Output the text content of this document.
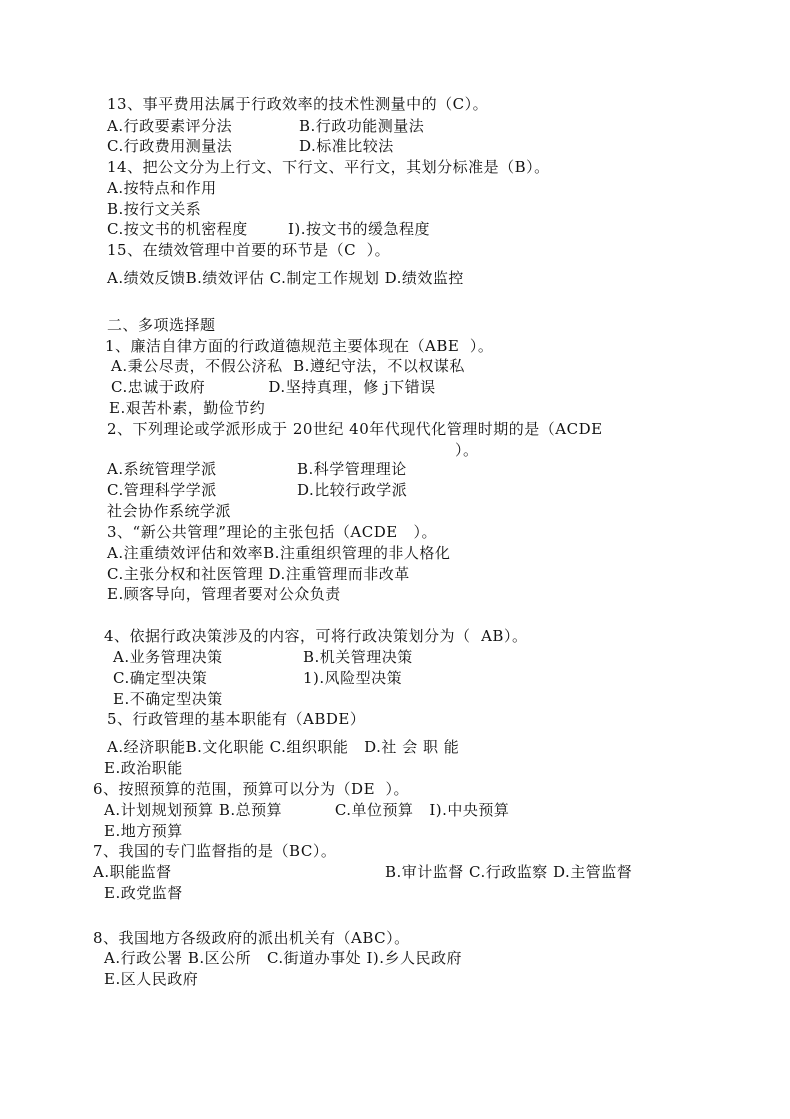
13、事平费用法属于行政效率的技术性测量中的（C）。
A.行政要素评分法	B.行政功能测量法
C.行政费用测量法	D.标准比较法
14、把公文分为上行文、下行文、平行文，其划分标准是（B）。
A.按特点和作用
B.按行文关系
C.按文书的机密程度	I).按文书的缓急程度
15、在绩效管理中首要的环节是（C  ）。
A.绩效反馈B.绩效评估 C.制定工作规划 D.绩效监控
二、多项选择题
1、廉洁自律方面的行政道德规范主要体现在（ABE  ）。
A.秉公尽责，不假公济私  B.遵纪守法，不以权谋私
C.忠诚于政府            D.坚持真理，修 j下错误
E.艰苦朴素，勤俭节约
2、下列理论或学派形成于 20世纪 40年代现代化管理时期的是（ACDE
）。
A.系统管理学派	B.科学管理理论
C.管理科学学派	D.比较行政学派
社会协作系统学派
3、“新公共管理”理论的主张包括（ACDE   ）。
A.注重绩效评估和效率B.注重组织管理的非人格化
C.主张分权和社医管理 D.注重管理而非改革
E.顾客导向，管理者要对公众负责
4、依据行政决策涉及的内容，可将行政决策划分为（  AB）。
A.业务管理决策	B.机关管理决策
C.确定型决策	1).风险型决策
E.不确定型决策
5、行政管理的基本职能有（ABDE）
A.经济职能B.文化职能 C.组织职能   D.社 会 职 能
E.政治职能
6、按照预算的范围，预算可以分为（DE  ）。
A.计划规划预算 B.总预算          C.单位预算   I).中央预算
E.地方预算
7、我国的专门监督指的是（BC）。
A.职能监督	B.审计监督 C.行政监察 D.主管监督
E.政党监督
8、我国地方各级政府的派出机关有（ABC）。
A.行政公署 B.区公所   C.街道办事处 I).乡人民政府
E.区人民政府
